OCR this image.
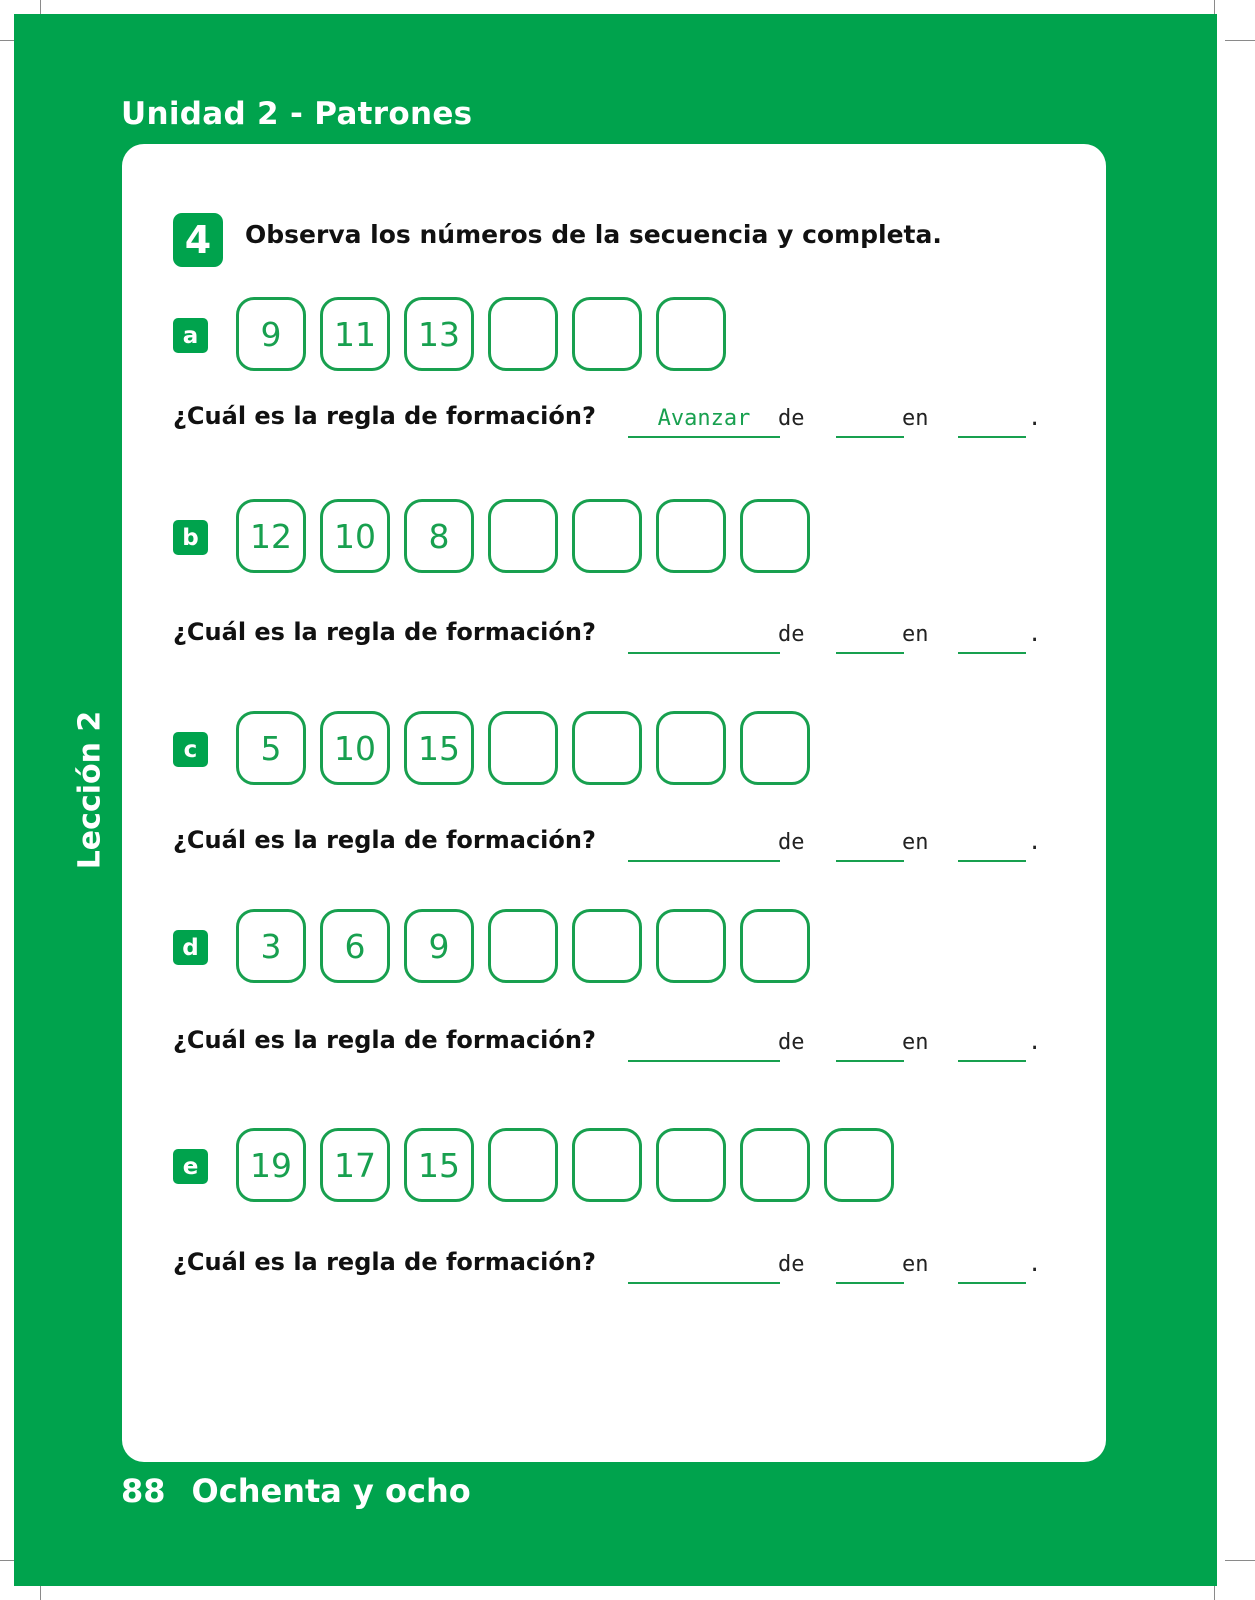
Unidad 2 - Patrones
Lección 2
88 Ochenta y ocho
4	Observa los números de la secuencia y completa.
a	9	11	13
¿Cuál es la regla de formación?	Avanzar	de	en	.
b	12	10	8
¿Cuál es la regla de formación?	de	en	.
c	5	10	15
¿Cuál es la regla de formación?	de	en	.
d	3	6	9
¿Cuál es la regla de formación?	de	en	.
e	19	17	15
¿Cuál es la regla de formación?	de	en	.
